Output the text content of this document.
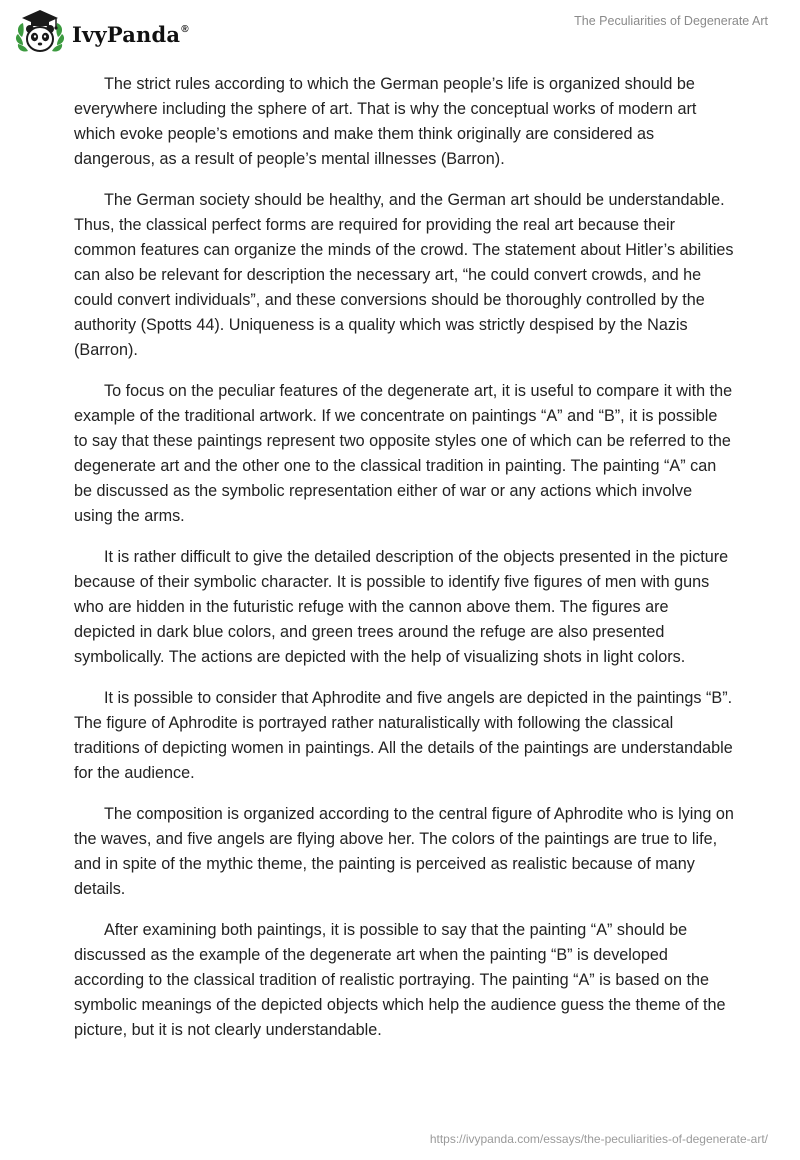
IvyPanda®
The Peculiarities of Degenerate Art

The strict rules according to which the German people’s life is organized should be everywhere including the sphere of art. That is why the conceptual works of modern art which evoke people’s emotions and make them think originally are considered as dangerous, as a result of people’s mental illnesses (Barron).

The German society should be healthy, and the German art should be understandable. Thus, the classical perfect forms are required for providing the real art because their common features can organize the minds of the crowd. The statement about Hitler’s abilities can also be relevant for description the necessary art, “he could convert crowds, and he could convert individuals”, and these conversions should be thoroughly controlled by the authority (Spotts 44). Uniqueness is a quality which was strictly despised by the Nazis (Barron).

To focus on the peculiar features of the degenerate art, it is useful to compare it with the example of the traditional artwork. If we concentrate on paintings “A” and “B”, it is possible to say that these paintings represent two opposite styles one of which can be referred to the degenerate art and the other one to the classical tradition in painting. The painting “A” can be discussed as the symbolic representation either of war or any actions which involve using the arms.

It is rather difficult to give the detailed description of the objects presented in the picture because of their symbolic character. It is possible to identify five figures of men with guns who are hidden in the futuristic refuge with the cannon above them. The figures are depicted in dark blue colors, and green trees around the refuge are also presented symbolically. The actions are depicted with the help of visualizing shots in light colors.

It is possible to consider that Aphrodite and five angels are depicted in the paintings “B”. The figure of Aphrodite is portrayed rather naturalistically with following the classical traditions of depicting women in paintings. All the details of the paintings are understandable for the audience.

The composition is organized according to the central figure of Aphrodite who is lying on the waves, and five angels are flying above her. The colors of the paintings are true to life, and in spite of the mythic theme, the painting is perceived as realistic because of many details.

After examining both paintings, it is possible to say that the painting “A” should be discussed as the example of the degenerate art when the painting “B” is developed according to the classical tradition of realistic portraying. The painting “A” is based on the symbolic meanings of the depicted objects which help the audience guess the theme of the picture, but it is not clearly understandable.

https://ivypanda.com/essays/the-peculiarities-of-degenerate-art/
